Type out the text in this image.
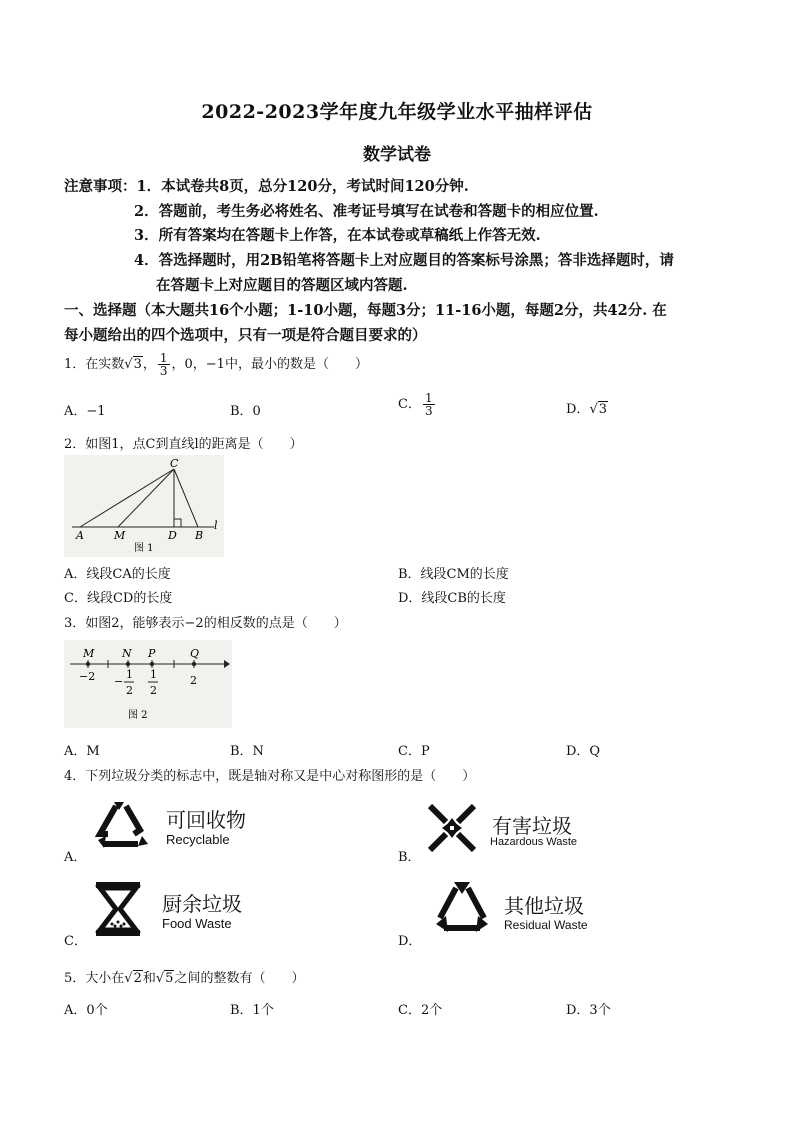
2022-2023学年度九年级学业水平抽样评估
数学试卷
注意事项：1．本试卷共8页，总分120分，考试时间120分钟.
2．答题前，考生务必将姓名、准考证号填写在试卷和答题卡的相应位置.
3．所有答案均在答题卡上作答，在本试卷或草稿纸上作答无效.
4．答选择题时，用2B铅笔将答题卡上对应题目的答案标号涂黑；答非选择题时，请
在答题卡上对应题目的答题区域内答题.
一、选择题（本大题共16个小题；1-10小题，每题3分；11-16小题，每题2分，共42分. 在
每小题给出的四个选项中，只有一项是符合题目要求的）
1．在实数√3， $\frac{1}{3}$ ，0，−1中，最小的数是（　　）
A．−1	B．0	C． $\frac{1}{3}$	D．√3
2．如图1，点C到直线l的距离是（　　）
C
A	M	D B
l
图 1
A．线段CA的长度	B．线段CM的长度
C．线段CD的长度	D．线段CB的长度
3．如图2，能够表示−2的相反数的点是（　　）
M	N P	Q
−2 −
1
2
1
2
2
图 2
A．M	B．N	C．P	D．Q
4．下列垃圾分类的标志中，既是轴对称又是中心对称图形的是（　　）
A．
可回收物
Recyclable
B．
有害垃圾
Hazardous Waste
C．
厨余垃圾
Food Waste
D．
其他垃圾
Residual Waste
5．大小在√2和√5之间的整数有（　　）
A．0个	B．1个	C．2个	D．3个
